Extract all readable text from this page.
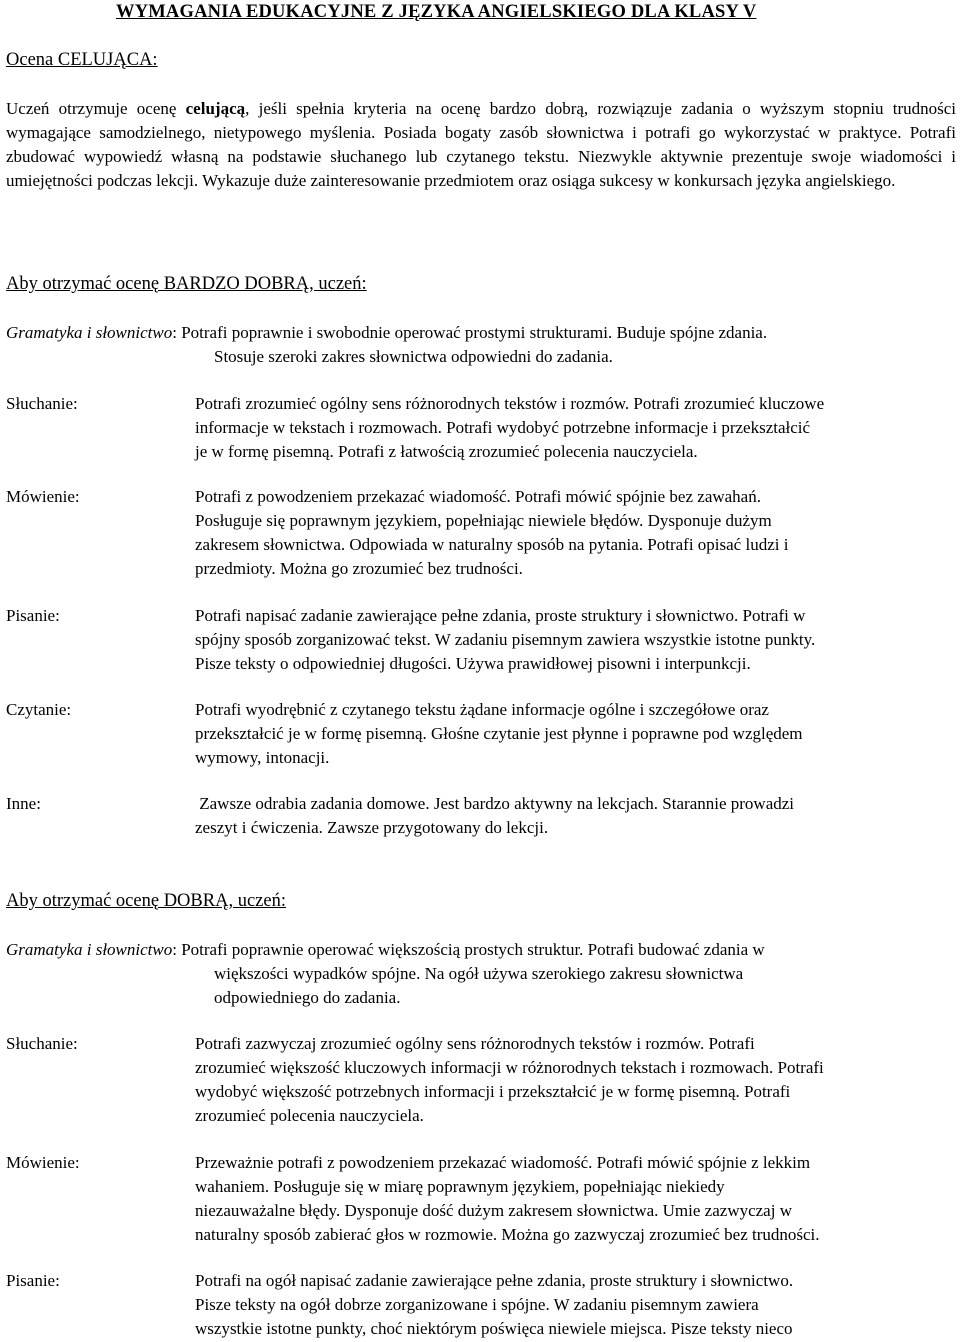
WYMAGANIA EDUKACYJNE Z JĘZYKA ANGIELSKIEGO DLA KLASY V
Ocena CELUJĄCA:
Uczeń otrzymuje ocenę celującą, jeśli spełnia kryteria na ocenę bardzo dobrą, rozwiązuje zadania o wyższym stopniu trudności wymagające samodzielnego, nietypowego myślenia. Posiada bogaty zasób słownictwa i potrafi go wykorzystać w praktyce. Potrafi zbudować wypowiedź własną na podstawie słuchanego lub czytanego tekstu. Niezwykle aktywnie prezentuje swoje wiadomości i umiejętności podczas lekcji. Wykazuje duże zainteresowanie przedmiotem oraz osiąga sukcesy w konkursach języka angielskiego.
Aby otrzymać ocenę BARDZO DOBRĄ, uczeń:
Gramatyka i słownictwo: Potrafi poprawnie i swobodnie operować prostymi strukturami. Buduje spójne zdania.
Stosuje szeroki zakres słownictwa odpowiedni do zadania.
Słuchanie:	Potrafi zrozumieć ogólny sens różnorodnych tekstów i rozmów. Potrafi zrozumieć kluczowe
informacje w tekstach i rozmowach. Potrafi wydobyć potrzebne informacje i przekształcić
je w formę pisemną. Potrafi z łatwością zrozumieć polecenia nauczyciela.
Mówienie:	Potrafi z powodzeniem przekazać wiadomość. Potrafi mówić spójnie bez zawahań.
Posługuje się poprawnym językiem, popełniając niewiele błędów. Dysponuje dużym
zakresem słownictwa. Odpowiada w naturalny sposób na pytania. Potrafi opisać ludzi i
przedmioty. Można go zrozumieć bez trudności.
Pisanie:	Potrafi napisać zadanie zawierające pełne zdania, proste struktury i słownictwo. Potrafi w
spójny sposób zorganizować tekst. W zadaniu pisemnym zawiera wszystkie istotne punkty.
Pisze teksty o odpowiedniej długości. Używa prawidłowej pisowni i interpunkcji.
Czytanie:	Potrafi wyodrębnić z czytanego tekstu żądane informacje ogólne i szczegółowe oraz
przekształcić je w formę pisemną. Głośne czytanie jest płynne i poprawne pod względem
wymowy, intonacji.
Inne:	Zawsze odrabia zadania domowe. Jest bardzo aktywny na lekcjach. Starannie prowadzi
zeszyt i ćwiczenia. Zawsze przygotowany do lekcji.
Aby otrzymać ocenę DOBRĄ, uczeń:
Gramatyka i słownictwo: Potrafi poprawnie operować większością prostych struktur. Potrafi budować zdania w
większości wypadków spójne. Na ogół używa szerokiego zakresu słownictwa
odpowiedniego do zadania.
Słuchanie:	Potrafi zazwyczaj zrozumieć ogólny sens różnorodnych tekstów i rozmów. Potrafi
zrozumieć większość kluczowych informacji w różnorodnych tekstach i rozmowach. Potrafi
wydobyć większość potrzebnych informacji i przekształcić je w formę pisemną. Potrafi
zrozumieć polecenia nauczyciela.
Mówienie:	Przeważnie potrafi z powodzeniem przekazać wiadomość. Potrafi mówić spójnie z lekkim
wahaniem. Posługuje się w miarę poprawnym językiem, popełniając niekiedy
niezauważalne błędy. Dysponuje dość dużym zakresem słownictwa. Umie zazwyczaj w
naturalny sposób zabierać głos w rozmowie. Można go zazwyczaj zrozumieć bez trudności.
Pisanie:	Potrafi na ogół napisać zadanie zawierające pełne zdania, proste struktury i słownictwo.
Pisze teksty na ogół dobrze zorganizowane i spójne. W zadaniu pisemnym zawiera
wszystkie istotne punkty, choć niektórym poświęca niewiele miejsca. Pisze teksty nieco
